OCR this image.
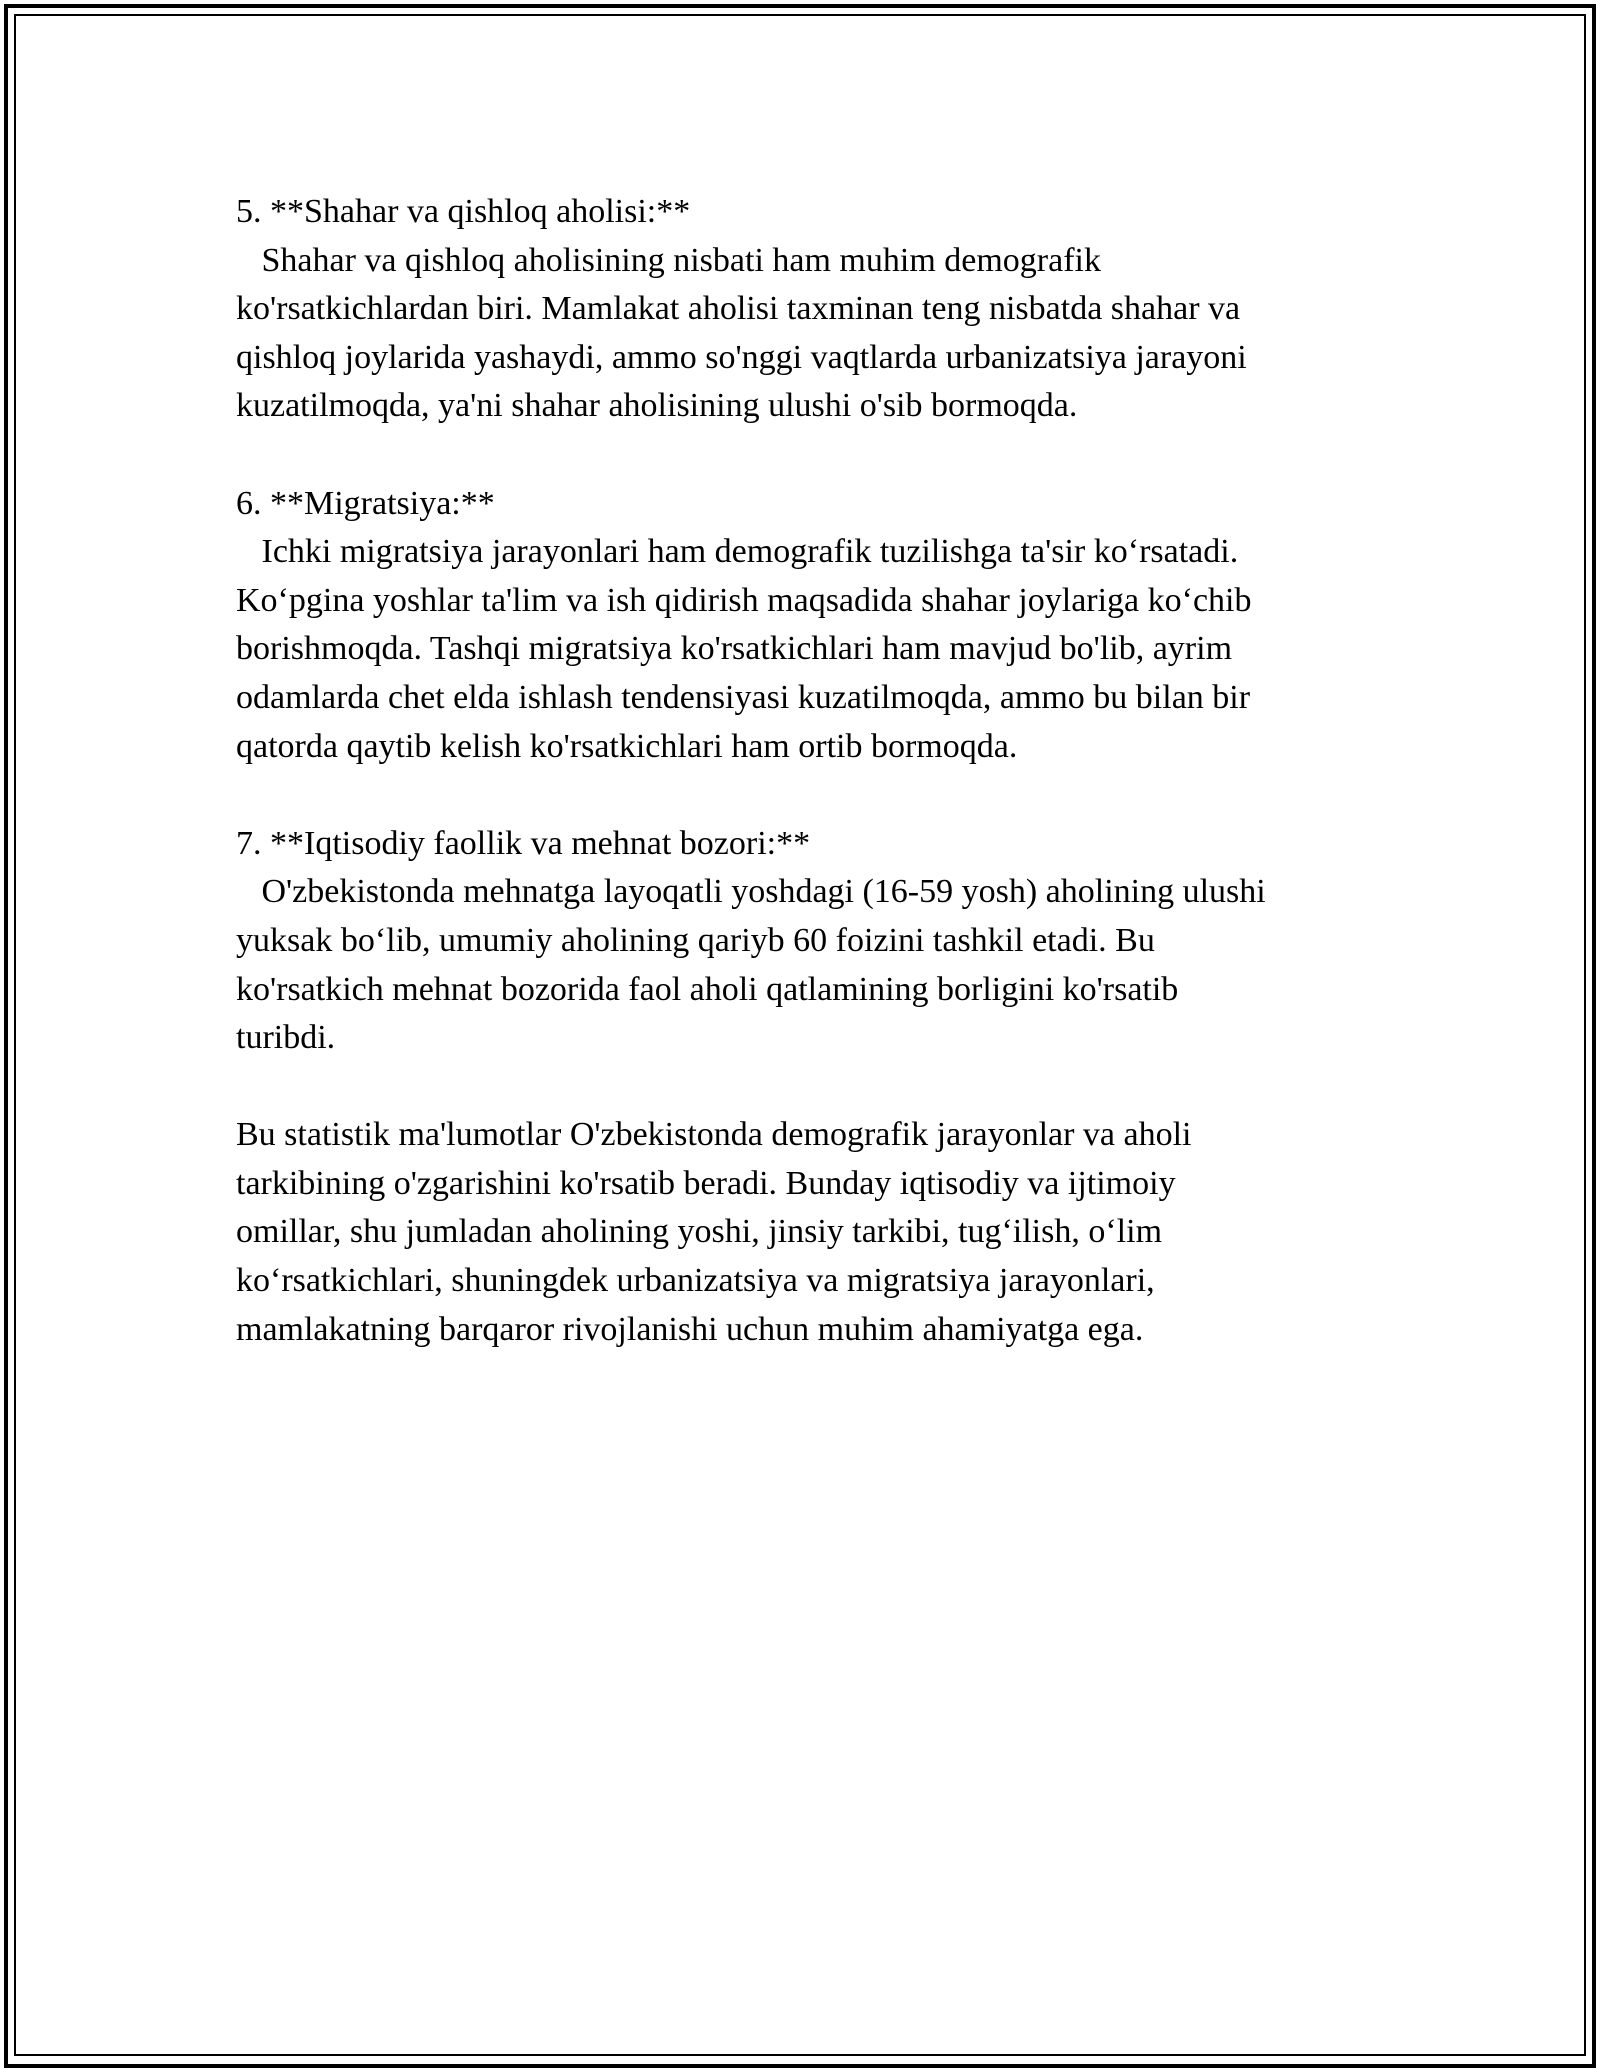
5. **Shahar va qishloq aholisi:**
Shahar va qishloq aholisining nisbati ham muhim demografik
ko'rsatkichlardan biri. Mamlakat aholisi taxminan teng nisbatda shahar va
qishloq joylarida yashaydi, ammo so'nggi vaqtlarda urbanizatsiya jarayoni
kuzatilmoqda, ya'ni shahar aholisining ulushi o'sib bormoqda.
6. **Migratsiya:**
Ichki migratsiya jarayonlari ham demografik tuzilishga ta'sir ko‘rsatadi.
Ko‘pgina yoshlar ta'lim va ish qidirish maqsadida shahar joylariga ko‘chib
borishmoqda. Tashqi migratsiya ko'rsatkichlari ham mavjud bo'lib, ayrim
odamlarda chet elda ishlash tendensiyasi kuzatilmoqda, ammo bu bilan bir
qatorda qaytib kelish ko'rsatkichlari ham ortib bormoqda.
7. **Iqtisodiy faollik va mehnat bozori:**
O'zbekistonda mehnatga layoqatli yoshdagi (16-59 yosh) aholining ulushi
yuksak bo‘lib, umumiy aholining qariyb 60 foizini tashkil etadi. Bu
ko'rsatkich mehnat bozorida faol aholi qatlamining borligini ko'rsatib
turibdi.
Bu statistik ma'lumotlar O'zbekistonda demografik jarayonlar va aholi
tarkibining o'zgarishini ko'rsatib beradi. Bunday iqtisodiy va ijtimoiy
omillar, shu jumladan aholining yoshi, jinsiy tarkibi, tug‘ilish, o‘lim
ko‘rsatkichlari, shuningdek urbanizatsiya va migratsiya jarayonlari,
mamlakatning barqaror rivojlanishi uchun muhim ahamiyatga ega.
